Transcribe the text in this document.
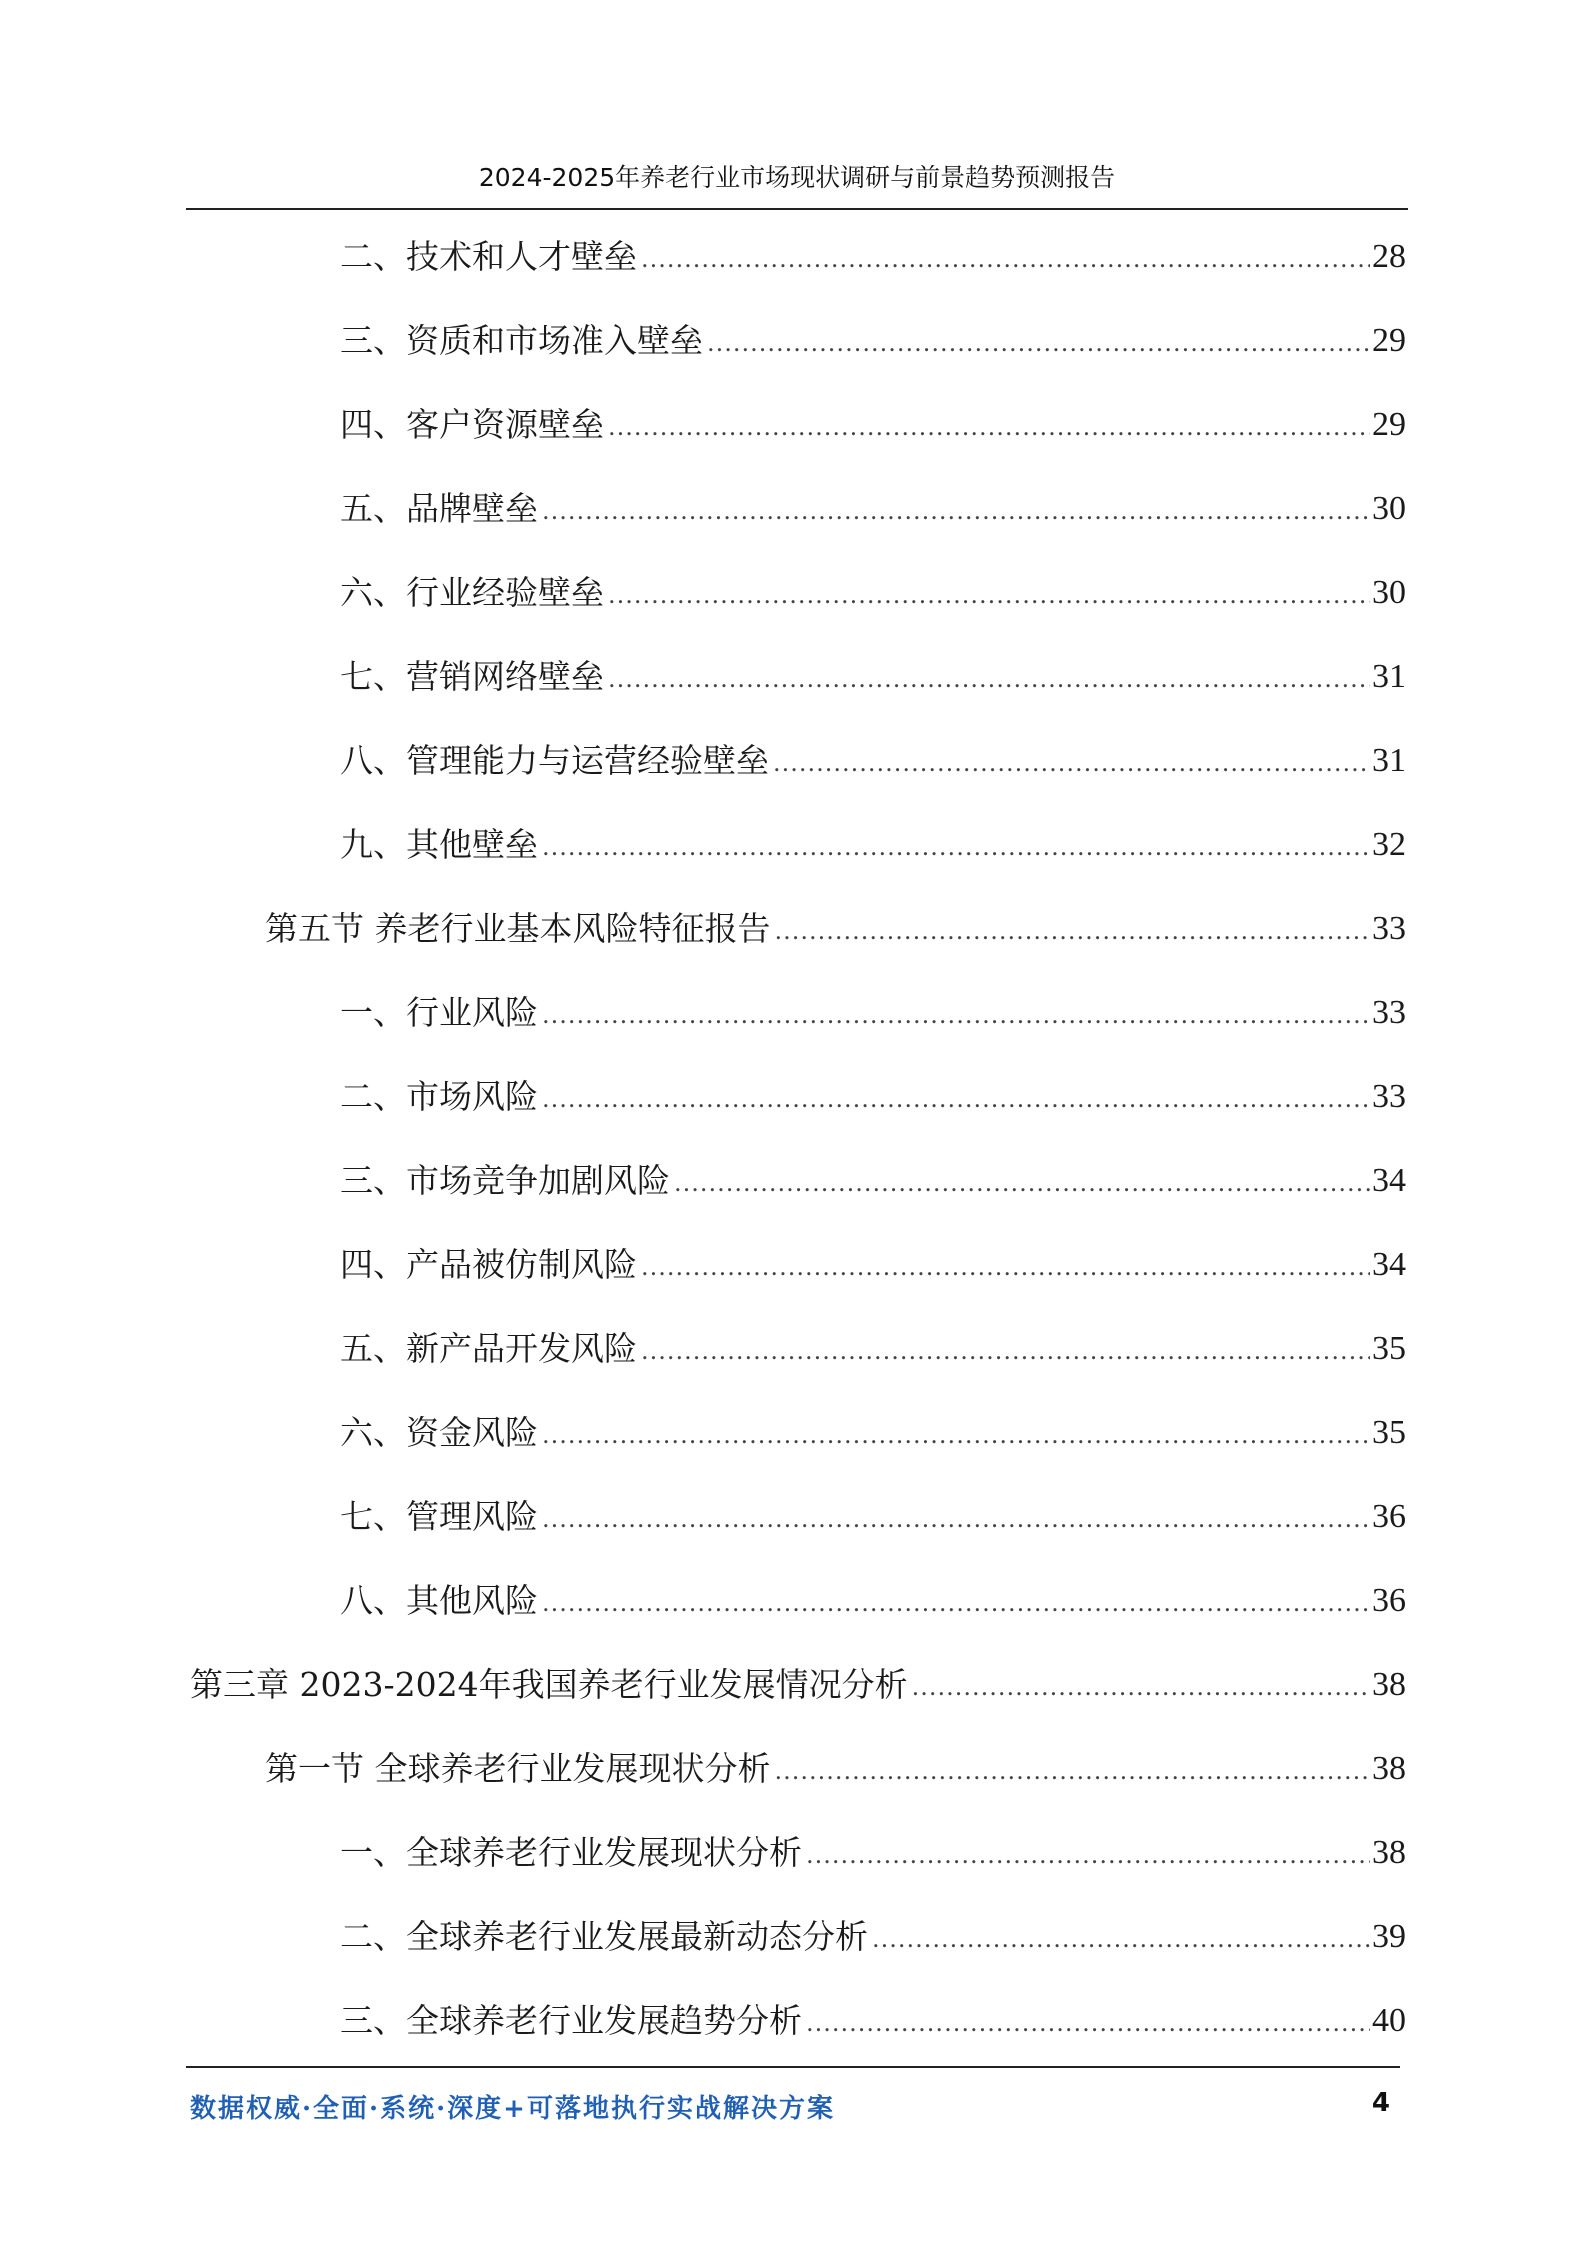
2024-2025年养老行业市场现状调研与前景趋势预测报告
二、技术和人才壁垒 .....	28
三、资质和市场准入壁垒 .....	29
四、客户资源壁垒 .....	29
五、品牌壁垒 .....	30
六、行业经验壁垒 .....	30
七、营销网络壁垒 .....	31
八、管理能力与运营经验壁垒 .....	31
九、其他壁垒 .....	32
第五节 养老行业基本风险特征报告 .....	33
一、行业风险 .....	33
二、市场风险 .....	33
三、市场竞争加剧风险 .....	34
四、产品被仿制风险 .....	34
五、新产品开发风险 .....	35
六、资金风险 .....	35
七、管理风险 .....	36
八、其他风险 .....	36
第三章 2023-2024年我国养老行业发展情况分析 .....	38
第一节 全球养老行业发展现状分析 .....	38
一、全球养老行业发展现状分析 .....	38
二、全球养老行业发展最新动态分析 .....	39
三、全球养老行业发展趋势分析 .....	40
数据权威·全面·系统·深度+可落地执行实战解决方案	4
